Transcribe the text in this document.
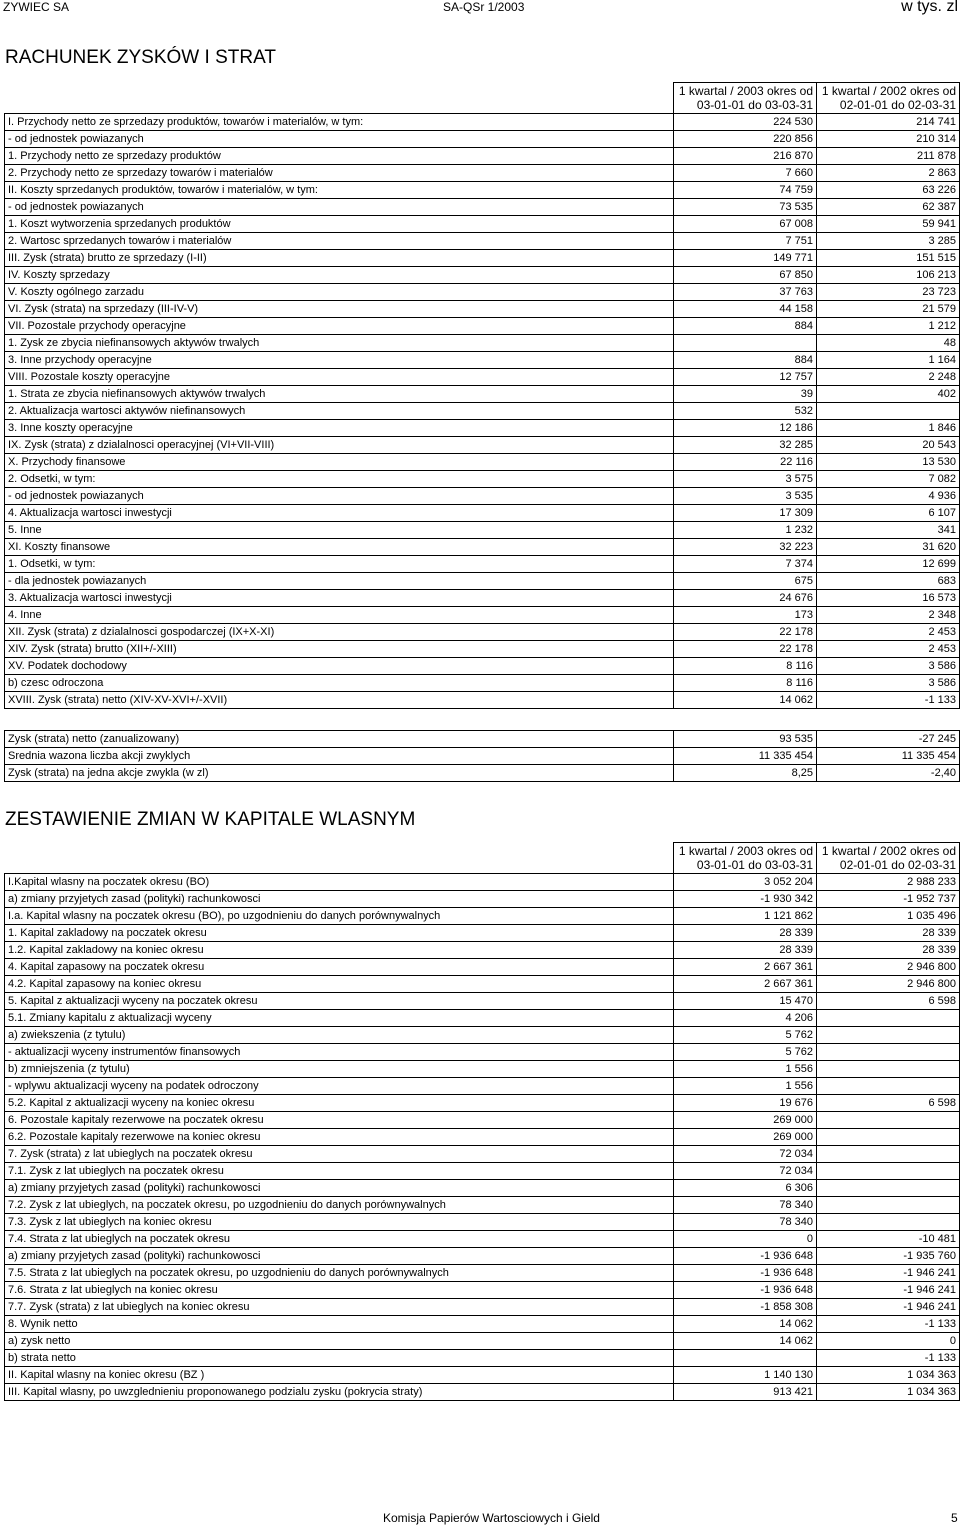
ZYWIEC SA	SA-QSr 1/2003	w tys. zl
RACHUNEK ZYSKÓW I STRAT
	1 kwartal / 2003 okres od
03-01-01 do 03-03-31	1 kwartal / 2002 okres od
02-01-01 do 02-03-31
I. Przychody netto ze sprzedazy produktów, towarów i materialów, w tym:	224 530	214 741
- od jednostek powiazanych	220 856	210 314
1. Przychody netto ze sprzedazy produktów	216 870	211 878
2. Przychody netto ze sprzedazy towarów i materialów	7 660	2 863
II. Koszty sprzedanych produktów, towarów i materialów, w tym:	74 759	63 226
- od jednostek powiazanych	73 535	62 387
1. Koszt wytworzenia sprzedanych produktów	67 008	59 941
2. Wartosc sprzedanych towarów i materialów	7 751	3 285
III. Zysk (strata) brutto ze sprzedazy (I-II)	149 771	151 515
IV. Koszty sprzedazy	67 850	106 213
V. Koszty ogólnego zarzadu	37 763	23 723
VI. Zysk (strata) na sprzedazy (III-IV-V)	44 158	21 579
VII. Pozostale przychody operacyjne	884	1 212
1. Zysk ze zbycia niefinansowych aktywów trwalych		48
3. Inne przychody operacyjne	884	1 164
VIII. Pozostale koszty operacyjne	12 757	2 248
1. Strata ze zbycia niefinansowych aktywów trwalych	39	402
2. Aktualizacja wartosci aktywów niefinansowych	532	
3. Inne koszty operacyjne	12 186	1 846
IX. Zysk (strata) z dzialalnosci operacyjnej (VI+VII-VIII)	32 285	20 543
X. Przychody finansowe	22 116	13 530
2. Odsetki, w tym:	3 575	7 082
- od jednostek powiazanych	3 535	4 936
4. Aktualizacja wartosci inwestycji	17 309	6 107
5. Inne	1 232	341
XI. Koszty finansowe	32 223	31 620
1. Odsetki, w tym:	7 374	12 699
- dla jednostek powiazanych	675	683
3. Aktualizacja wartosci inwestycji	24 676	16 573
4. Inne	173	2 348
XII. Zysk (strata) z dzialalnosci gospodarczej (IX+X-XI)	22 178	2 453
XIV. Zysk (strata) brutto (XII+/-XIII)	22 178	2 453
XV. Podatek dochodowy	8 116	3 586
b) czesc odroczona	8 116	3 586
XVIII. Zysk (strata) netto (XIV-XV-XVI+/-XVII)	14 062	-1 133
Zysk (strata) netto (zanualizowany)	93 535	-27 245
Srednia wazona liczba akcji zwyklych	11 335 454	11 335 454
Zysk (strata) na jedna akcje zwykla (w zl)	8,25	-2,40
ZESTAWIENIE ZMIAN W KAPITALE WLASNYM
	1 kwartal / 2003 okres od
03-01-01 do 03-03-31	1 kwartal / 2002 okres od
02-01-01 do 02-03-31
I.Kapital wlasny na poczatek okresu (BO)	3 052 204	2 988 233
a) zmiany przyjetych zasad (polityki) rachunkowosci	-1 930 342	-1 952 737
I.a. Kapital wlasny na poczatek okresu (BO), po uzgodnieniu do danych porównywalnych	1 121 862	1 035 496
1. Kapital zakladowy na poczatek okresu	28 339	28 339
1.2. Kapital zakladowy na koniec okresu	28 339	28 339
4. Kapital zapasowy na poczatek okresu	2 667 361	2 946 800
4.2. Kapital zapasowy na koniec okresu	2 667 361	2 946 800
5. Kapital z aktualizacji wyceny na poczatek okresu	15 470	6 598
5.1. Zmiany kapitalu z aktualizacji wyceny	4 206	
a) zwiekszenia (z tytulu)	5 762	
- aktualizacji wyceny instrumentów finansowych	5 762	
b) zmniejszenia (z tytulu)	1 556	
- wplywu aktualizacji wyceny na podatek odroczony	1 556	
5.2. Kapital z aktualizacji wyceny na koniec okresu	19 676	6 598
6. Pozostale kapitaly rezerwowe na poczatek okresu	269 000	
6.2. Pozostale kapitaly rezerwowe na koniec okresu	269 000	
7. Zysk (strata) z lat ubieglych na poczatek okresu	72 034	
7.1. Zysk z lat ubieglych na poczatek okresu	72 034	
a) zmiany przyjetych zasad (polityki) rachunkowosci	6 306	
7.2. Zysk z lat ubieglych, na poczatek okresu, po uzgodnieniu do danych porównywalnych	78 340	
7.3. Zysk z lat ubieglych na koniec okresu	78 340	
7.4. Strata z lat ubieglych na poczatek okresu	0	-10 481
a) zmiany przyjetych zasad (polityki) rachunkowosci	-1 936 648	-1 935 760
7.5. Strata z lat ubieglych na poczatek okresu, po uzgodnieniu do danych porównywalnych	-1 936 648	-1 946 241
7.6. Strata z lat ubieglych na koniec okresu	-1 936 648	-1 946 241
7.7. Zysk (strata) z lat ubieglych na koniec okresu	-1 858 308	-1 946 241
8. Wynik netto	14 062	-1 133
a) zysk netto	14 062	0
b) strata netto		-1 133
II. Kapital wlasny na koniec okresu (BZ )	1 140 130	1 034 363
III. Kapital wlasny, po uwzglednieniu proponowanego podzialu zysku (pokrycia straty)	913 421	1 034 363
Komisja Papierów Wartosciowych i Gield	5
